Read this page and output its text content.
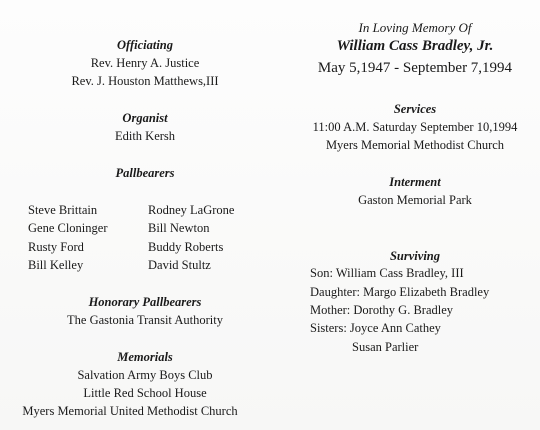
Officiating

Rev. Henry A. Justice

Rev. J. Houston Matthews,III

Organist

Edith Kersh

Pallbearers

Steve Brittain
Gene Cloninger
Rusty Ford
Bill Kelley
Rodney LaGrone
Bill Newton
Buddy Roberts
David Stultz

Honorary Pallbearers

The Gastonia Transit Authority

Memorials

Salvation Army Boys Club

Little Red School House

Myers Memorial United Methodist Church

In Loving Memory Of

William Cass Bradley, Jr.

May 5,1947 - September 7,1994

Services

11:00 A.M. Saturday September 10,1994

Myers Memorial Methodist Church

Interment

Gaston Memorial Park

Surviving

Son: William Cass Bradley, III
Daughter: Margo Elizabeth Bradley
Mother: Dorothy G. Bradley
Sisters: Joyce Ann Cathey
Susan Parlier
